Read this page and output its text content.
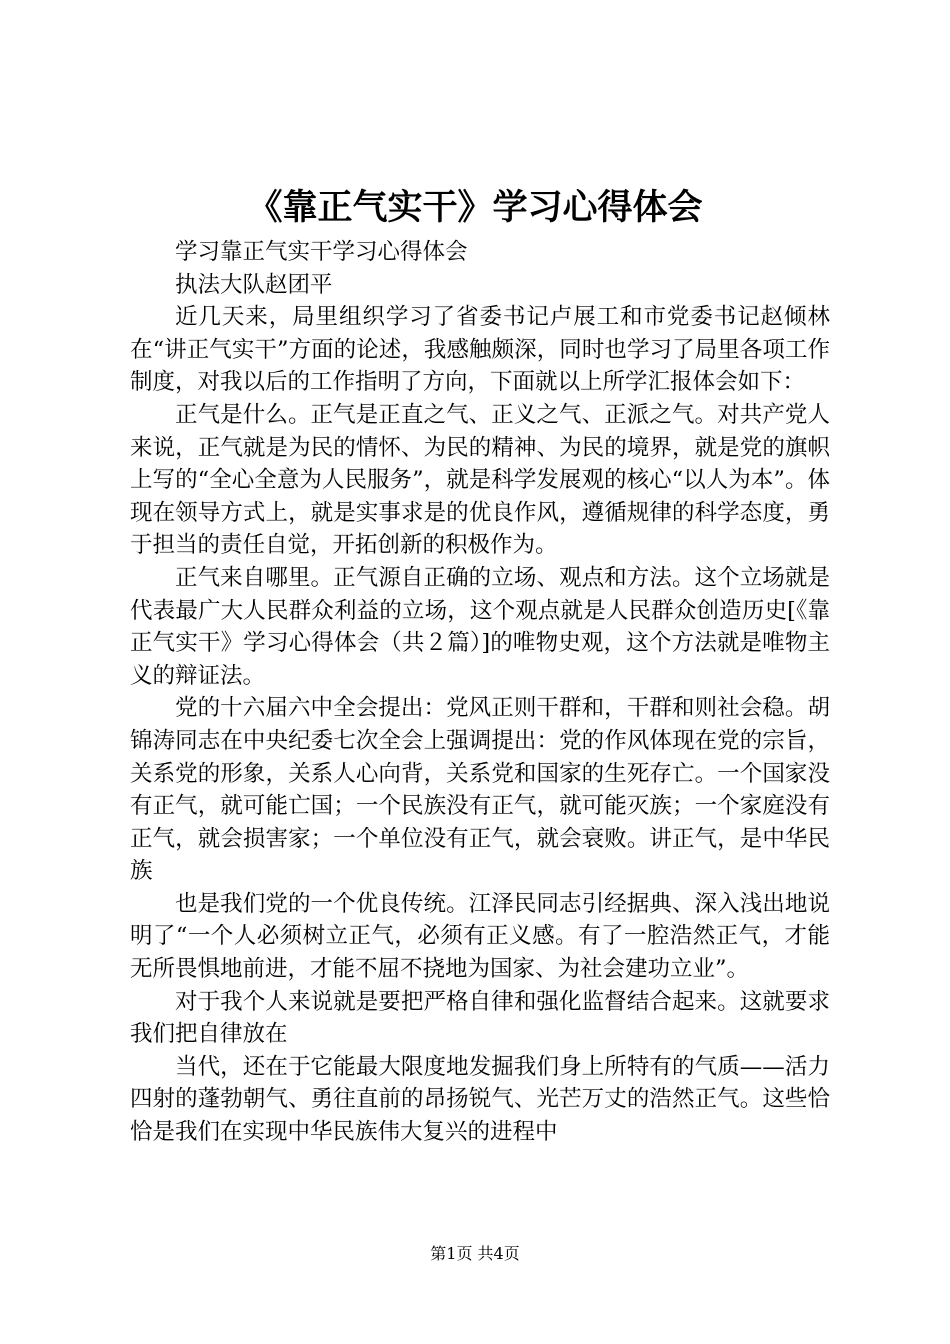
《靠正气实干》学习心得体会

学习靠正气实干学习心得体会

执法大队赵团平

近几天来，局里组织学习了省委书记卢展工和市党委书记赵倾林在“讲正气实干”方面的论述，我感触颇深，同时也学习了局里各项工作制度，对我以后的工作指明了方向，下面就以上所学汇报体会如下：

正气是什么。正气是正直之气、正义之气、正派之气。对共产党人来说，正气就是为民的情怀、为民的精神、为民的境界，就是党的旗帜上写的“全心全意为人民服务”，就是科学发展观的核心“以人为本”。体现在领导方式上，就是实事求是的优良作风，遵循规律的科学态度，勇于担当的责任自觉，开拓创新的积极作为。

正气来自哪里。正气源自正确的立场、观点和方法。这个立场就是代表最广大人民群众利益的立场，这个观点就是人民群众创造历史[《靠正气实干》学习心得体会（共２篇）]的唯物史观，这个方法就是唯物主义的辩证法。

党的十六届六中全会提出：党风正则干群和，干群和则社会稳。胡锦涛同志在中央纪委七次全会上强调提出：党的作风体现在党的宗旨，关系党的形象，关系人心向背，关系党和国家的生死存亡。一个国家没有正气，就可能亡国；一个民族没有正气，就可能灭族；一个家庭没有正气，就会损害家；一个单位没有正气，就会衰败。讲正气，是中华民族

也是我们党的一个优良传统。江泽民同志引经据典、深入浅出地说明了“一个人必须树立正气，必须有正义感。有了一腔浩然正气，才能无所畏惧地前进，才能不屈不挠地为国家、为社会建功立业”。

对于我个人来说就是要把严格自律和强化监督结合起来。这就要求我们把自律放在

当代，还在于它能最大限度地发掘我们身上所特有的气质——活力四射的蓬勃朝气、勇往直前的昂扬锐气、光芒万丈的浩然正气。这些恰恰是我们在实现中华民族伟大复兴的进程中

第1页 共4页
